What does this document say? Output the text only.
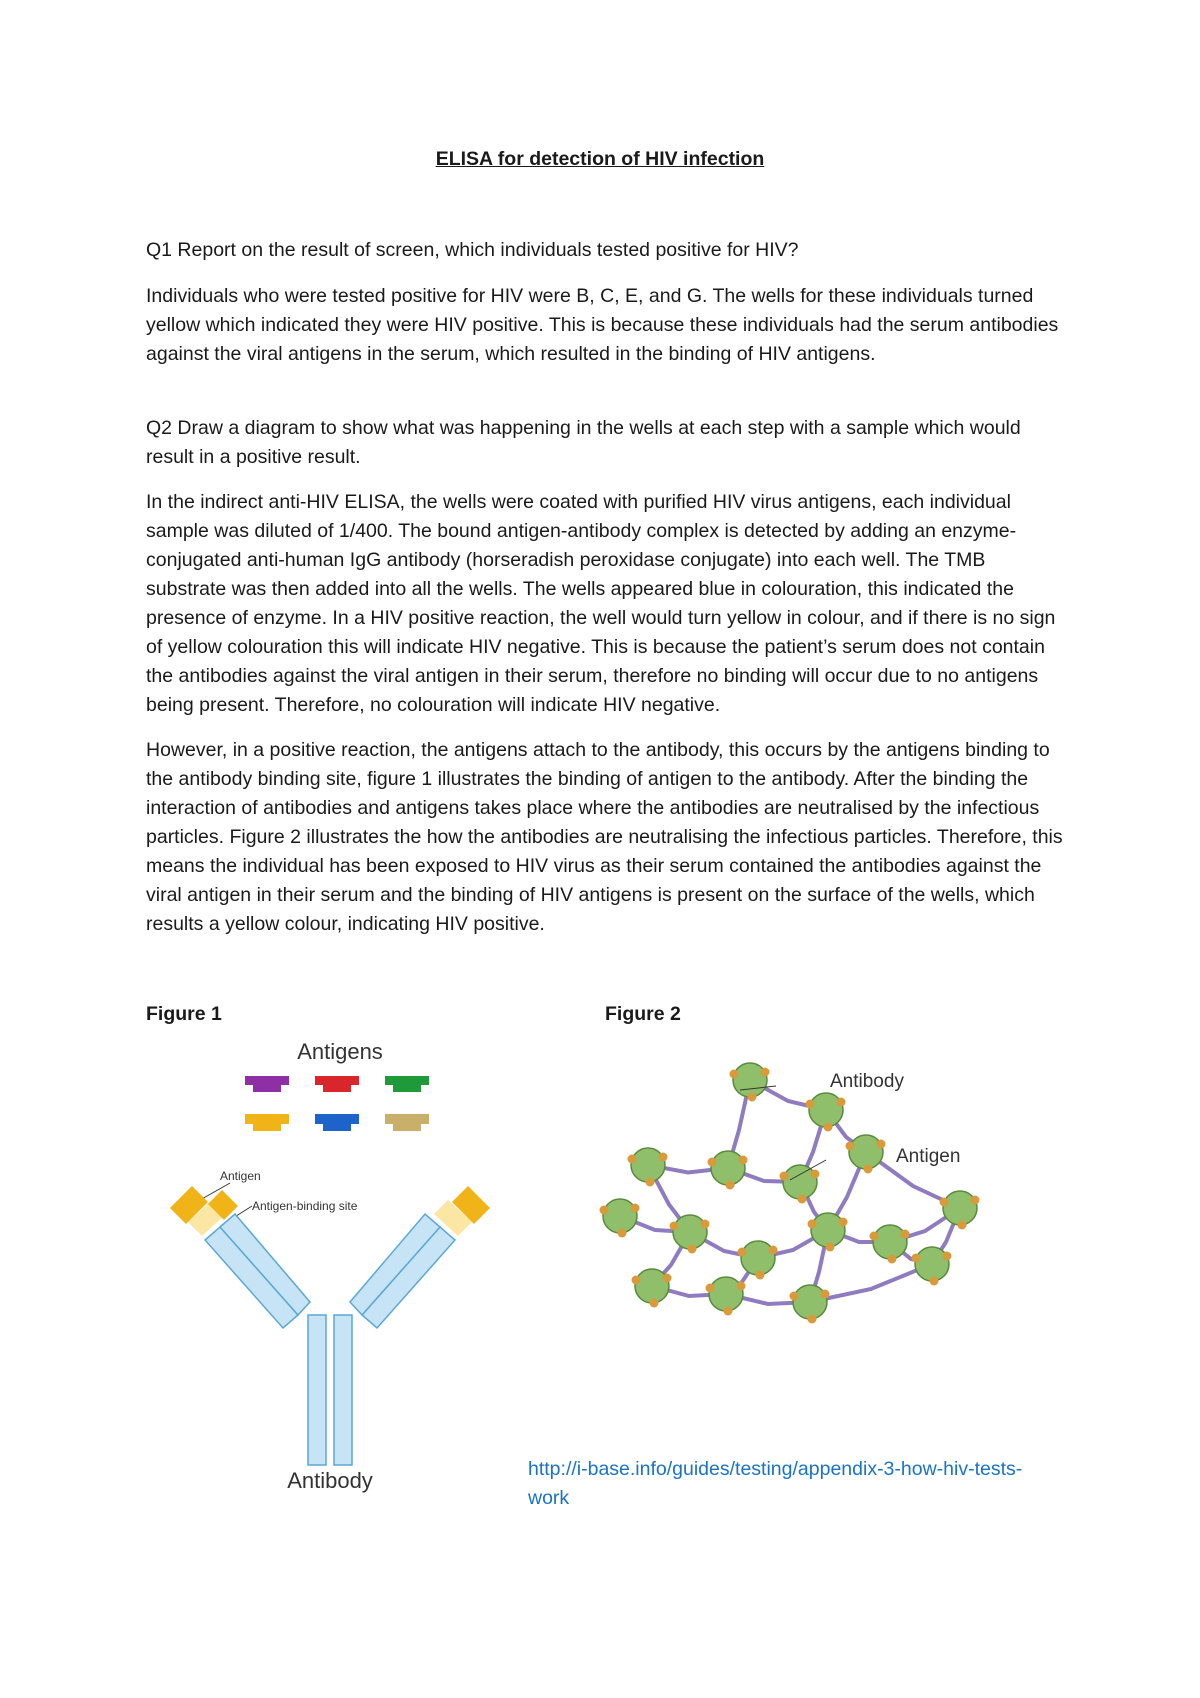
ELISA for detection of HIV infection

Q1 Report on the result of screen, which individuals tested positive for HIV?

Individuals who were tested positive for HIV were B, C, E, and G. The wells for these individuals turned yellow which indicated they were HIV positive. This is because these individuals had the serum antibodies against the viral antigens in the serum, which resulted in the binding of HIV antigens.

Q2 Draw a diagram to show what was happening in the wells at each step with a sample which would result in a positive result.

In the indirect anti-HIV ELISA, the wells were coated with purified HIV virus antigens, each individual sample was diluted of 1/400. The bound antigen-antibody complex is detected by adding an enzyme-conjugated anti-human IgG antibody (horseradish peroxidase conjugate) into each well. The TMB substrate was then added into all the wells. The wells appeared blue in colouration, this indicated the presence of enzyme. In a HIV positive reaction, the well would turn yellow in colour, and if there is no sign of yellow colouration this will indicate HIV negative. This is because the patient’s serum does not contain the antibodies against the viral antigen in their serum, therefore no binding will occur due to no antigens being present. Therefore, no colouration will indicate HIV negative.

However, in a positive reaction, the antigens attach to the antibody, this occurs by the antigens binding to the antibody binding site, figure 1 illustrates the binding of antigen to the antibody. After the binding the interaction of antibodies and antigens takes place where the antibodies are neutralised by the infectious particles. Figure 2 illustrates the how the antibodies are neutralising the infectious particles. Therefore, this means the individual has been exposed to HIV virus as their serum contained the antibodies against the viral antigen in their serum and the binding of HIV antigens is present on the surface of the wells, which results a yellow colour, indicating HIV positive.

Figure 1	Figure 2
Antigens
Antigen
Antigen-binding site
Antibody
Antibody
Antigen
http://i-base.info/guides/testing/appendix-3-how-hiv-tests-work
